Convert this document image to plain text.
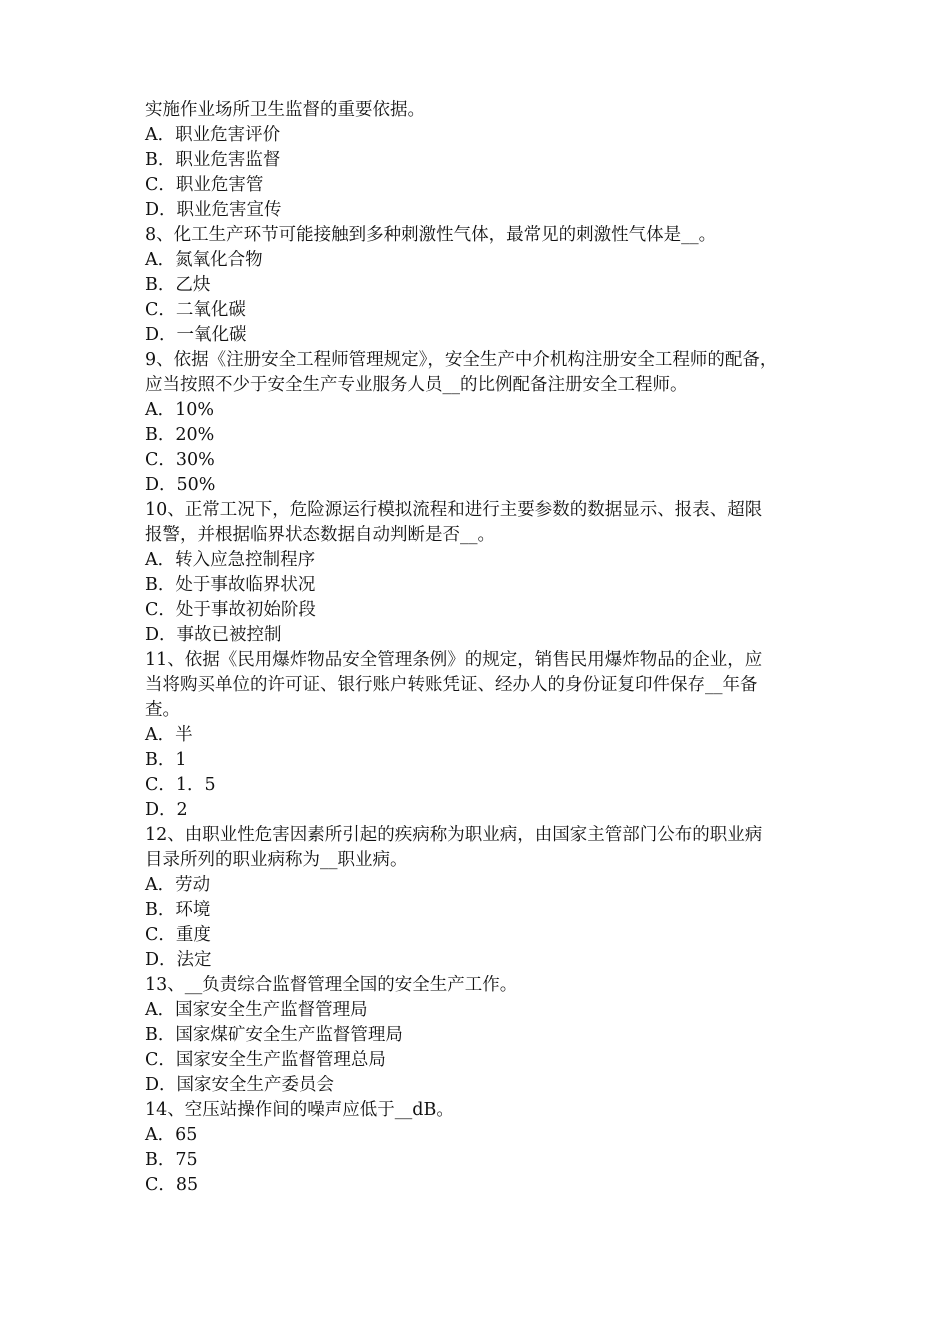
实施作业场所卫生监督的重要依据。
A．职业危害评价
B．职业危害监督
C．职业危害管
D．职业危害宣传
8、化工生产环节可能接触到多种刺激性气体，最常见的刺激性气体是__。
A．氮氧化合物
B．乙炔
C．二氧化碳
D．一氧化碳
9、依据《注册安全工程师管理规定》，安全生产中介机构注册安全工程师的配备，
应当按照不少于安全生产专业服务人员__的比例配备注册安全工程师。
A．10%
B．20%
C．30%
D．50%
10、正常工况下，危险源运行模拟流程和进行主要参数的数据显示、报表、超限
报警，并根据临界状态数据自动判断是否__。
A．转入应急控制程序
B．处于事故临界状况
C．处于事故初始阶段
D．事故已被控制
11、依据《民用爆炸物品安全管理条例》的规定，销售民用爆炸物品的企业，应
当将购买单位的许可证、银行账户转账凭证、经办人的身份证复印件保存__年备
查。
A．半
B．1
C．1．5
D．2
12、由职业性危害因素所引起的疾病称为职业病，由国家主管部门公布的职业病
目录所列的职业病称为__职业病。
A．劳动
B．环境
C．重度
D．法定
13、__负责综合监督管理全国的安全生产工作。
A．国家安全生产监督管理局
B．国家煤矿安全生产监督管理局
C．国家安全生产监督管理总局
D．国家安全生产委员会
14、空压站操作间的噪声应低于__dB。
A．65
B．75
C．85
